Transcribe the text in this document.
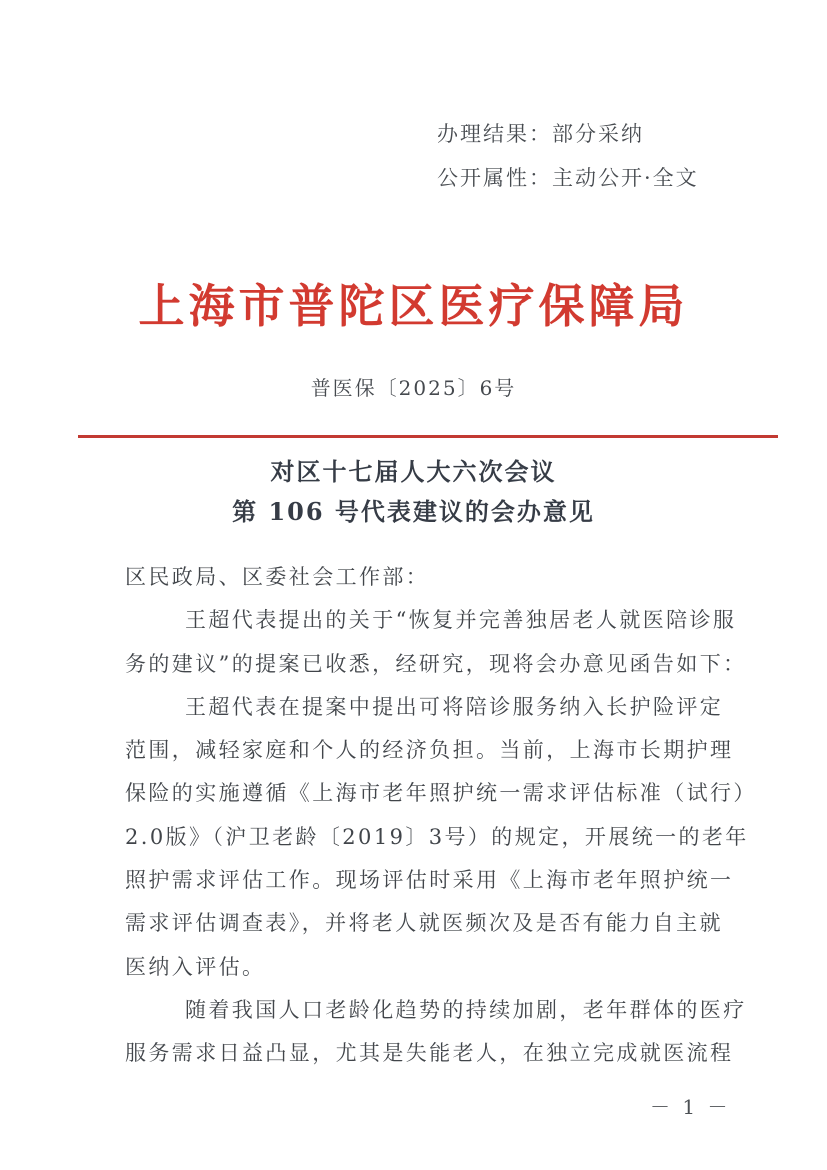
办理结果：部分采纳
公开属性：主动公开·全文
上海市普陀区医疗保障局
普医保〔2025〕6号
对区十七届人大六次会议
第 106 号代表建议的会办意见
区民政局、区委社会工作部：
王超代表提出的关于“恢复并完善独居老人就医陪诊服
务的建议”的提案已收悉，经研究，现将会办意见函告如下：
王超代表在提案中提出可将陪诊服务纳入长护险评定
范围，减轻家庭和个人的经济负担。当前，上海市长期护理
保险的实施遵循《上海市老年照护统一需求评估标准（试行）
2.0版》（沪卫老龄〔2019〕3号）的规定，开展统一的老年
照护需求评估工作。现场评估时采用《上海市老年照护统一
需求评估调查表》，并将老人就医频次及是否有能力自主就
医纳入评估。
随着我国人口老龄化趋势的持续加剧，老年群体的医疗
服务需求日益凸显，尤其是失能老人，在独立完成就医流程
－ 1 －
